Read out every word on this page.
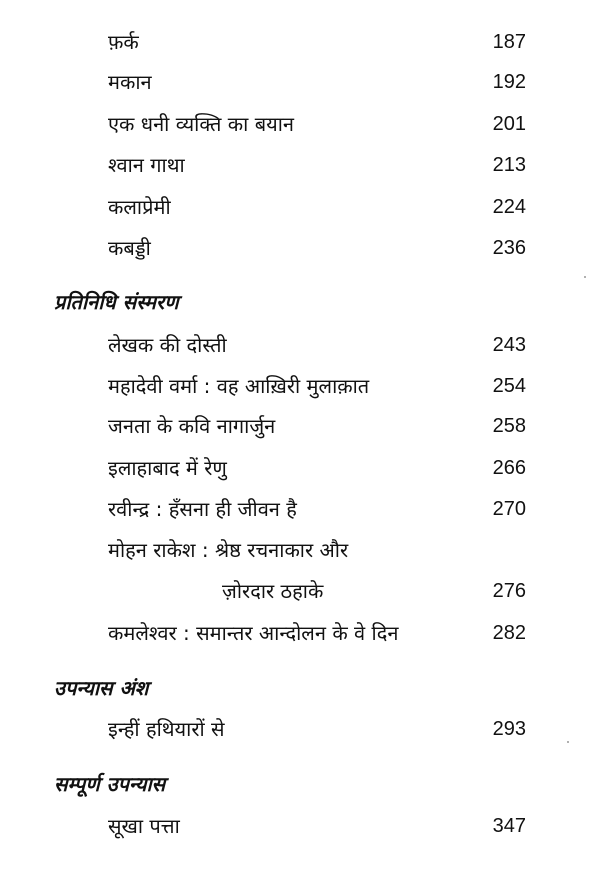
फ़र्क	187
मकान	192
एक धनी व्यक्ति का बयान	201
श्वान गाथा	213
कलाप्रेमी	224
कबड्डी	236
प्रतिनिधि संस्मरण
लेखक की दोस्ती	243
महादेवी वर्मा : वह आख़िरी मुलाक़ात	254
जनता के कवि नागार्जुन	258
इलाहाबाद में रेणु	266
रवीन्द्र : हँसना ही जीवन है	270
मोहन राकेश : श्रेष्ठ रचनाकार और
ज़ोरदार ठहाके	276
कमलेश्वर : समान्तर आन्दोलन के वे दिन	282
उपन्यास अंश
इन्हीं हथियारों से	293
सम्पूर्ण उपन्यास
सूखा पत्ता	347
